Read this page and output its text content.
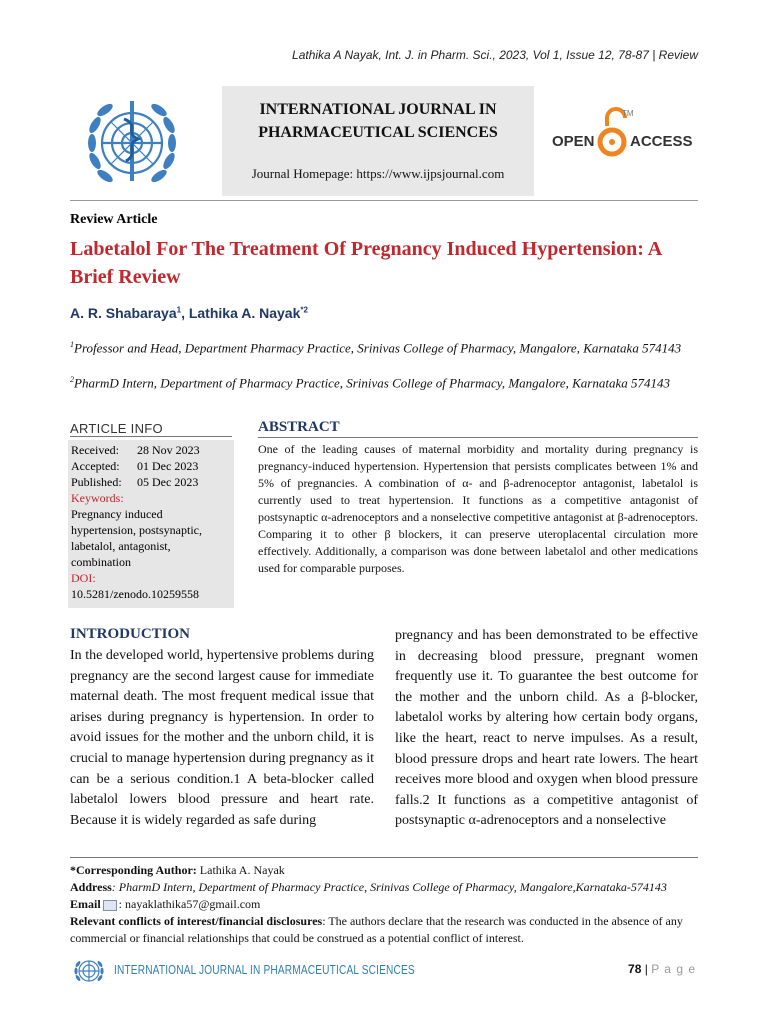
Lathika A Nayak, Int. J. in Pharm. Sci., 2023, Vol 1, Issue 12, 78-87 | Review
INTERNATIONAL JOURNAL IN
PHARMACEUTICAL SCIENCES
Journal Homepage: https://www.ijpsjournal.com
OPEN
TM
ACCESS
Review Article
Labetalol For The Treatment Of Pregnancy Induced Hypertension: A Brief Review
A. R. Shabaraya$^1$, Lathika A. Nayak$^{*2}$
$^1$Professor and Head, Department Pharmacy Practice, Srinivas College of Pharmacy, Mangalore, Karnataka 574143
$^2$PharmD Intern, Department of Pharmacy Practice, Srinivas College of Pharmacy, Mangalore, Karnataka 574143
ARTICLE INFO
Received: 28 Nov 2023
Accepted: 01 Dec 2023
Published: 05 Dec 2023
Keywords:
Pregnancy induced
hypertension, postsynaptic,
labetalol, antagonist,
combination
DOI:
10.5281/zenodo.10259558
ABSTRACT
One of the leading causes of maternal morbidity and mortality during pregnancy is pregnancy-induced hypertension. Hypertension that persists complicates between 1% and 5% of pregnancies. A combination of α- and β-adrenoceptor antagonist, labetalol is currently used to treat hypertension. It functions as a competitive antagonist of postsynaptic α-adrenoceptors and a nonselective competitive antagonist at β-adrenoceptors. Comparing it to other β blockers, it can preserve uteroplacental circulation more effectively. Additionally, a comparison was done between labetalol and other medications used for comparable purposes.
INTRODUCTION
In the developed world, hypertensive problems during pregnancy are the second largest cause for immediate maternal death. The most frequent medical issue that arises during pregnancy is hypertension. In order to avoid issues for the mother and the unborn child, it is crucial to manage hypertension during pregnancy as it can be a serious condition.1 A beta-blocker called labetalol lowers blood pressure and heart rate. Because it is widely regarded as safe during
pregnancy and has been demonstrated to be effective in decreasing blood pressure, pregnant women frequently use it. To guarantee the best outcome for the mother and the unborn child. As a β-blocker, labetalol works by altering how certain body organs, like the heart, react to nerve impulses. As a result, blood pressure drops and heart rate lowers. The heart receives more blood and oxygen when blood pressure falls.2 It functions as a competitive antagonist of postsynaptic α-adrenoceptors and a nonselective
*Corresponding Author: Lathika A. Nayak
Address: PharmD Intern, Department of Pharmacy Practice, Srinivas College of Pharmacy, Mangalore,Karnataka-574143
Email : nayaklathika57@gmail.com
Relevant conflicts of interest/financial disclosures: The authors declare that the research was conducted in the absence of any commercial or financial relationships that could be construed as a potential conflict of interest.
INTERNATIONAL JOURNAL IN PHARMACEUTICAL SCIENCES	78 | P a g e
